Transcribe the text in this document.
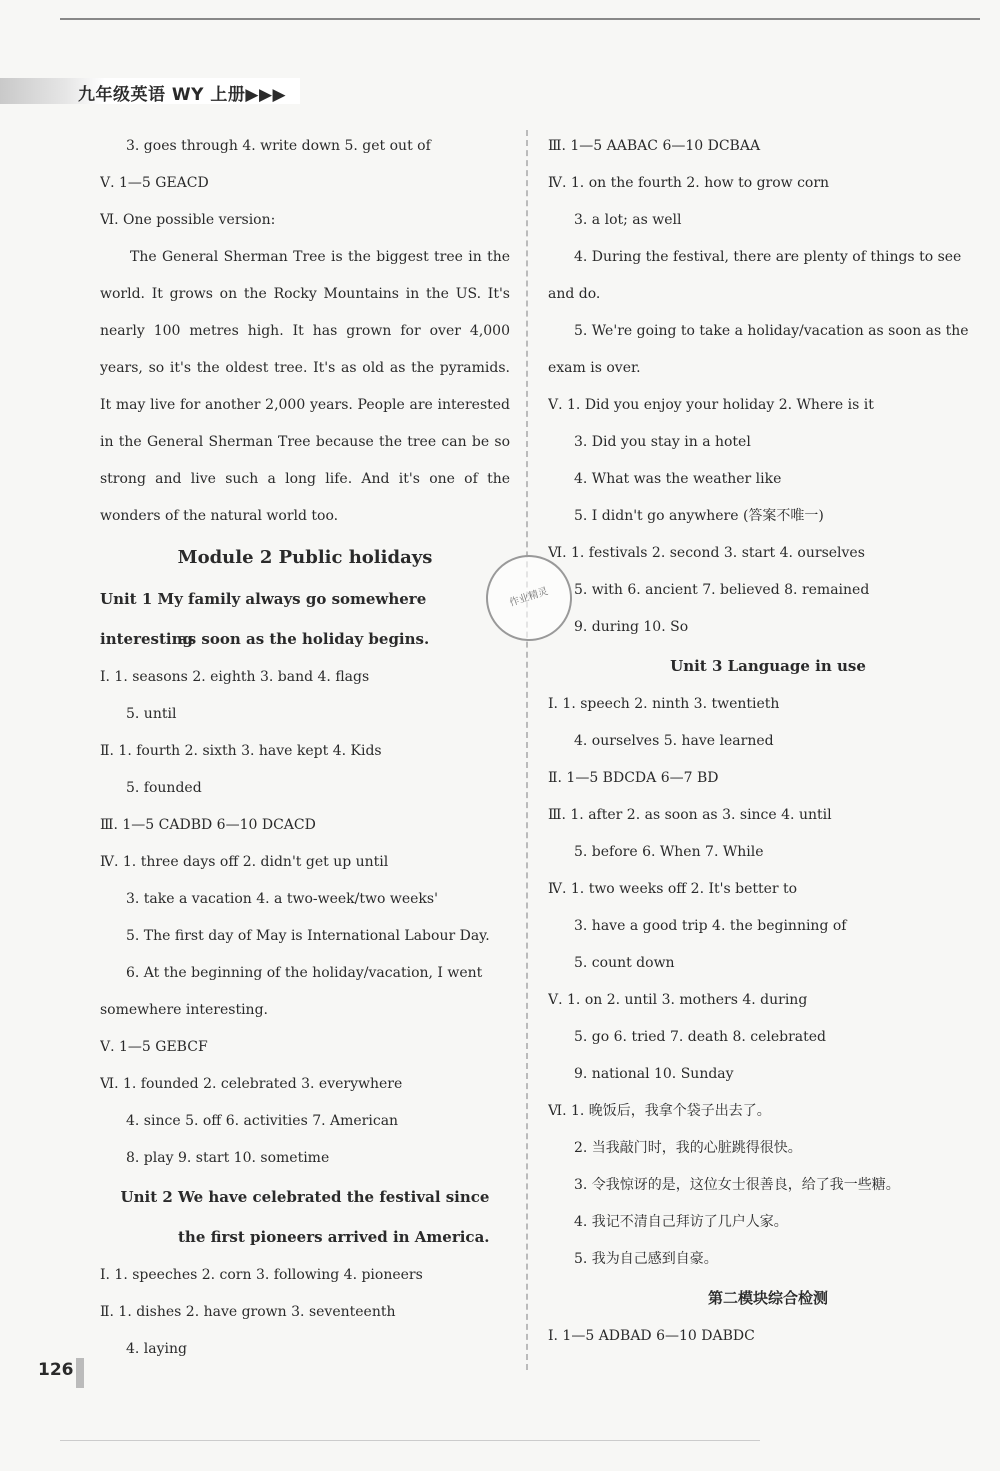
九年级英语 WY 上册▶▶▶
3. goes through 4. write down 5. get out of
Ⅴ. 1—5 GEACD
Ⅵ. One possible version:
The General Sherman Tree is the biggest tree in the world. It grows on the Rocky Mountains in the US. It's nearly 100 metres high. It has grown for over 4,000 years, so it's the oldest tree. It's as old as the pyramids. It may live for another 2,000 years. People are interested in the General Sherman Tree because the tree can be so strong and live such a long life. And it's one of the wonders of the natural world too.
Module 2 Public holidays
Unit 1 My family always go somewhere interesting
as soon as the holiday begins.
Ⅰ. 1. seasons 2. eighth 3. band 4. flags
5. until
Ⅱ. 1. fourth 2. sixth 3. have kept 4. Kids
5. founded
Ⅲ. 1—5 CADBD 6—10 DCACD
Ⅳ. 1. three days off 2. didn't get up until
3. take a vacation 4. a two-week/two weeks'
5. The first day of May is International Labour Day.
6. At the beginning of the holiday/vacation, I went
somewhere interesting.
Ⅴ. 1—5 GEBCF
Ⅵ. 1. founded 2. celebrated 3. everywhere
4. since 5. off 6. activities 7. American
8. play 9. start 10. sometime
Unit 2 We have celebrated the festival since
the first pioneers arrived in America.
Ⅰ. 1. speeches 2. corn 3. following 4. pioneers
Ⅱ. 1. dishes 2. have grown 3. seventeenth
4. laying
Ⅲ. 1—5 AABAC 6—10 DCBAA
Ⅳ. 1. on the fourth 2. how to grow corn
3. a lot; as well
4. During the festival, there are plenty of things to see
and do.
5. We're going to take a holiday/vacation as soon as the
exam is over.
Ⅴ. 1. Did you enjoy your holiday 2. Where is it
3. Did you stay in a hotel
4. What was the weather like
5. I didn't go anywhere (答案不唯一)
Ⅵ. 1. festivals 2. second 3. start 4. ourselves
5. with 6. ancient 7. believed 8. remained
9. during 10. So
Unit 3 Language in use
Ⅰ. 1. speech 2. ninth 3. twentieth
4. ourselves 5. have learned
Ⅱ. 1—5 BDCDA 6—7 BD
Ⅲ. 1. after 2. as soon as 3. since 4. until
5. before 6. When 7. While
Ⅳ. 1. two weeks off 2. It's better to
3. have a good trip 4. the beginning of
5. count down
Ⅴ. 1. on 2. until 3. mothers 4. during
5. go 6. tried 7. death 8. celebrated
9. national 10. Sunday
Ⅵ. 1. 晚饭后，我拿个袋子出去了。
2. 当我敲门时，我的心脏跳得很快。
3. 令我惊讶的是，这位女士很善良，给了我一些糖。
4. 我记不清自己拜访了几户人家。
5. 我为自己感到自豪。
第二模块综合检测
Ⅰ. 1—5 ADBAD 6—10 DABDC
作业精灵
126
